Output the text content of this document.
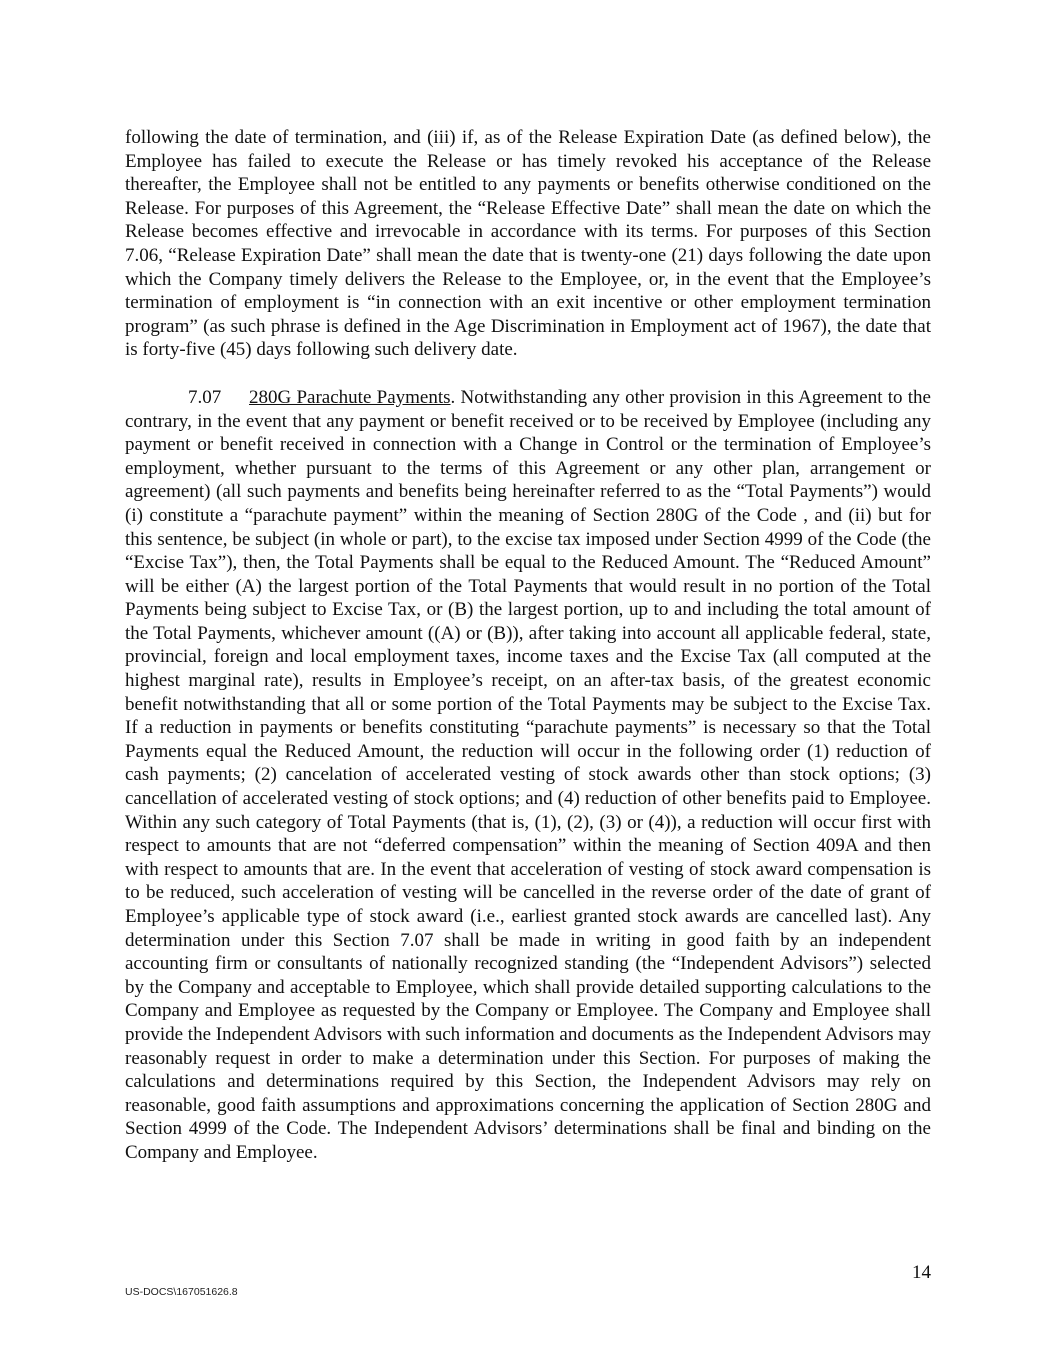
following the date of termination, and (iii) if, as of the Release Expiration Date (as defined below), the Employee has failed to execute the Release or has timely revoked his acceptance of the Release thereafter, the Employee shall not be entitled to any payments or benefits otherwise conditioned on the Release. For purposes of this Agreement, the “Release Effective Date” shall mean the date on which the Release becomes effective and irrevocable in accordance with its terms. For purposes of this Section 7.06, “Release Expiration Date” shall mean the date that is twenty-one (21) days following the date upon which the Company timely delivers the Release to the Employee, or, in the event that the Employee’s termination of employment is “in connection with an exit incentive or other employment termination program” (as such phrase is defined in the Age Discrimination in Employment act of 1967), the date that is forty-five (45) days following such delivery date.

7.07 280G Parachute Payments. Notwithstanding any other provision in this Agreement to the contrary, in the event that any payment or benefit received or to be received by Employee (including any payment or benefit received in connection with a Change in Control or the termination of Employee’s employment, whether pursuant to the terms of this Agreement or any other plan, arrangement or agreement) (all such payments and benefits being hereinafter referred to as the “Total Payments”) would (i) constitute a “parachute payment” within the meaning of Section 280G of the Code , and (ii) but for this sentence, be subject (in whole or part), to the excise tax imposed under Section 4999 of the Code (the “Excise Tax”), then, the Total Payments shall be equal to the Reduced Amount. The “Reduced Amount” will be either (A) the largest portion of the Total Payments that would result in no portion of the Total Payments being subject to Excise Tax, or (B) the largest portion, up to and including the total amount of the Total Payments, whichever amount ((A) or (B)), after taking into account all applicable federal, state, provincial, foreign and local employment taxes, income taxes and the Excise Tax (all computed at the highest marginal rate), results in Employee’s receipt, on an after-tax basis, of the greatest economic benefit notwithstanding that all or some portion of the Total Payments may be subject to the Excise Tax. If a reduction in payments or benefits constituting “parachute payments” is necessary so that the Total Payments equal the Reduced Amount, the reduction will occur in the following order (1) reduction of cash payments; (2) cancelation of accelerated vesting of stock awards other than stock options; (3) cancellation of accelerated vesting of stock options; and (4) reduction of other benefits paid to Employee. Within any such category of Total Payments (that is, (1), (2), (3) or (4)), a reduction will occur first with respect to amounts that are not “deferred compensation” within the meaning of Section 409A and then with respect to amounts that are. In the event that acceleration of vesting of stock award compensation is to be reduced, such acceleration of vesting will be cancelled in the reverse order of the date of grant of Employee’s applicable type of stock award (i.e., earliest granted stock awards are cancelled last). Any determination under this Section 7.07 shall be made in writing in good faith by an independent accounting firm or consultants of nationally recognized standing (the “Independent Advisors”) selected by the Company and acceptable to Employee, which shall provide detailed supporting calculations to the Company and Employee as requested by the Company or Employee. The Company and Employee shall provide the Independent Advisors with such information and documents as the Independent Advisors may reasonably request in order to make a determination under this Section. For purposes of making the calculations and determinations required by this Section, the Independent Advisors may rely on reasonable, good faith assumptions and approximations concerning the application of Section 280G and Section 4999 of the Code. The Independent Advisors’ determinations shall be final and binding on the Company and Employee.

14
US-DOCS\167051626.8
